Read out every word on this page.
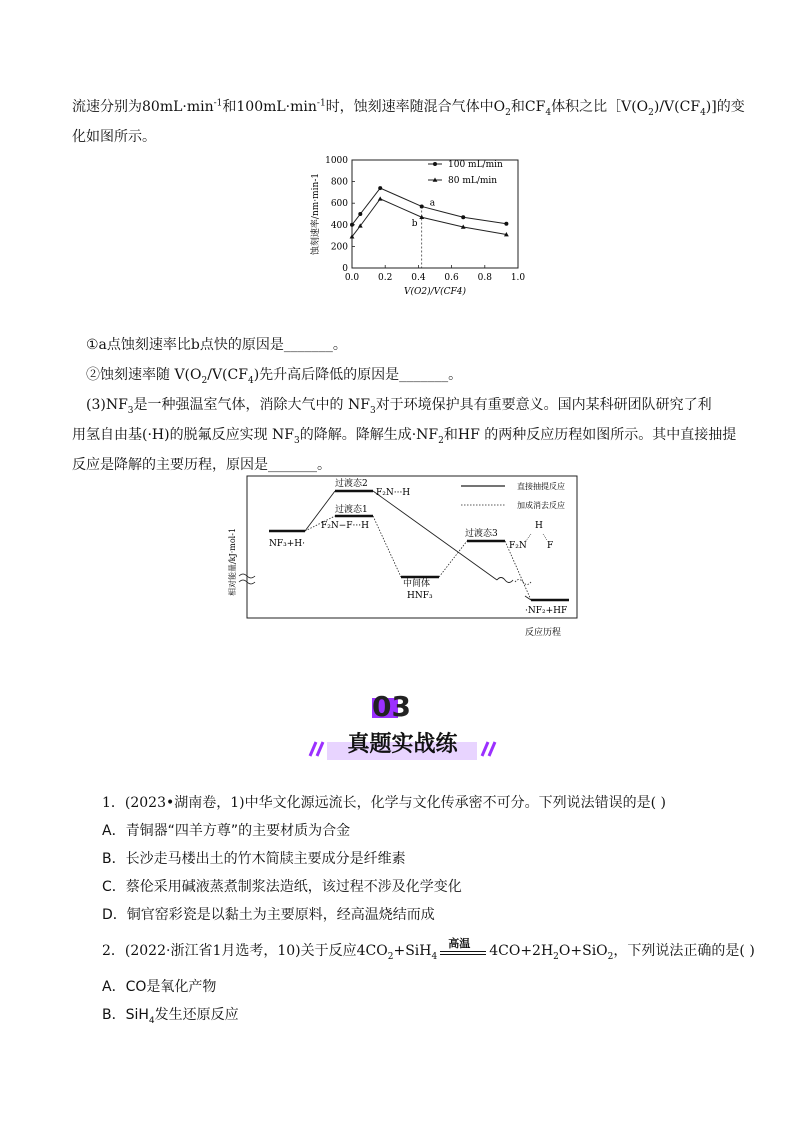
流速分别为$80mL\cdot\min^{-1}$和$100mL\cdot\min^{-1}$时，蚀刻速率随混合气体中$O_2$和$CF_4$体积之比$[V(O_2)/V(CF_4)$]的变
化如图所示。
0
200
400
600
800
1000
0.0 0.2 0.4 0.6 0.8 1.0
蚀刻速率/nm·min-1
V(O2)/V(CF4)
100 mL/min
80 mL/min
a
b
①a点蚀刻速率比b点快的原因是_______。
②蚀刻速率随 $V(O_2/V(CF_4)$先升高后降低的原因是_______。
$(3)NF_3$是一种强温室气体，消除大气中的 $NF_3$对于环境保护具有重要意义。国内某科研团队研究了利
用氢自由基(·H)的脱氟反应实现 $NF_3$的降解。降解生成$\cdot NF_2$和HF 的两种反应历程如图所示。其中直接抽提
反应是降解的主要历程，原因是_______。
相对能量/kJ·mol-1
直接抽提反应
加成消去反应
NF₃+H·
过渡态2
F₂N···H
过渡态1
F₂N−F···H
中间体
HNF₃
过渡态3
F₂N
H
F
·NF₂+HF
反应历程
03
真题实战练
1．(2023•湖南卷，1)中华文化源远流长，化学与文化传承密不可分。下列说法错误的是( )
A．青铜器“四羊方尊”的主要材质为合金
B．长沙走马楼出土的竹木简牍主要成分是纤维素
C．蔡伦采用碱液蒸煮制浆法造纸，该过程不涉及化学变化
D．铜官窑彩瓷是以黏土为主要原料，经高温烧结而成
2．(2022·浙江省1月选考，10)关于反应$4CO_2+SiH_4$
高温 $4CO+2H_2O+SiO_2$，下列说法正确的是( )
A．CO是氧化产物
B．SiH$_4$发生还原反应
